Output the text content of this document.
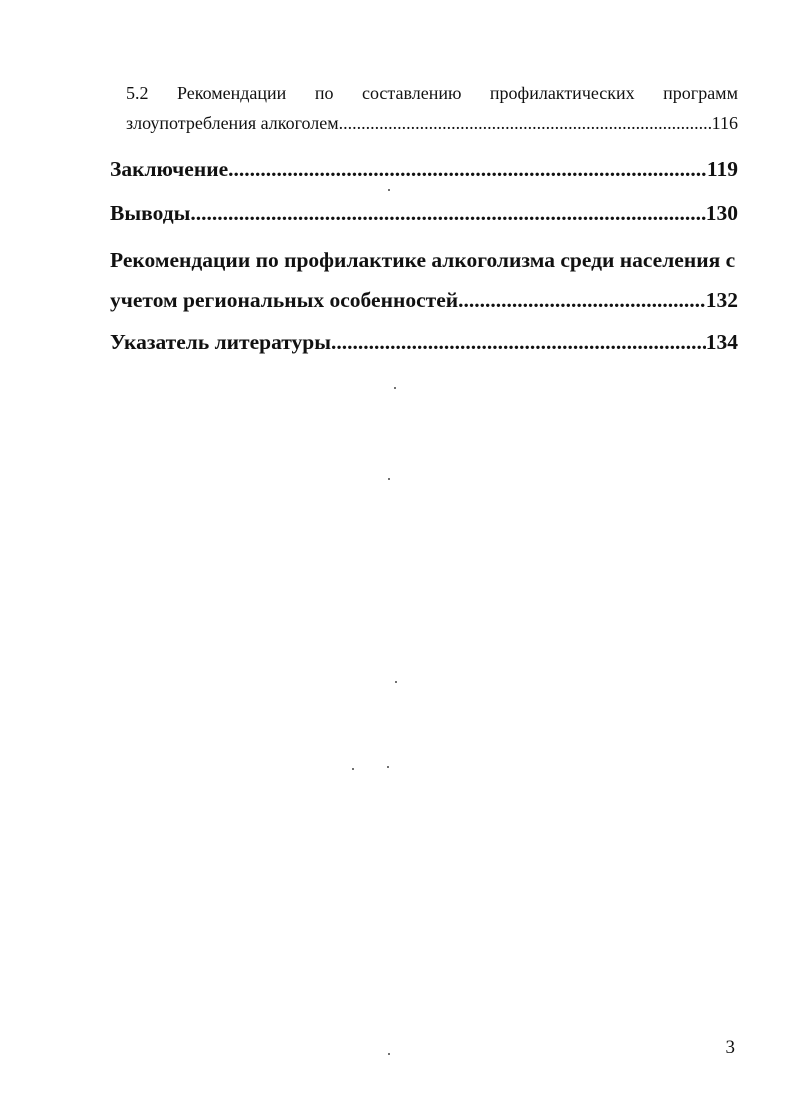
5.2 Рекомендации по составлению профилактических программ
злоупотребления алкоголем. .....	116
Заключение .....	119
Выводы .....	130
Рекомендации по профилактике алкоголизма среди населения с
учетом региональных особенностей .....	132
Указатель литературы. .....	134
3
